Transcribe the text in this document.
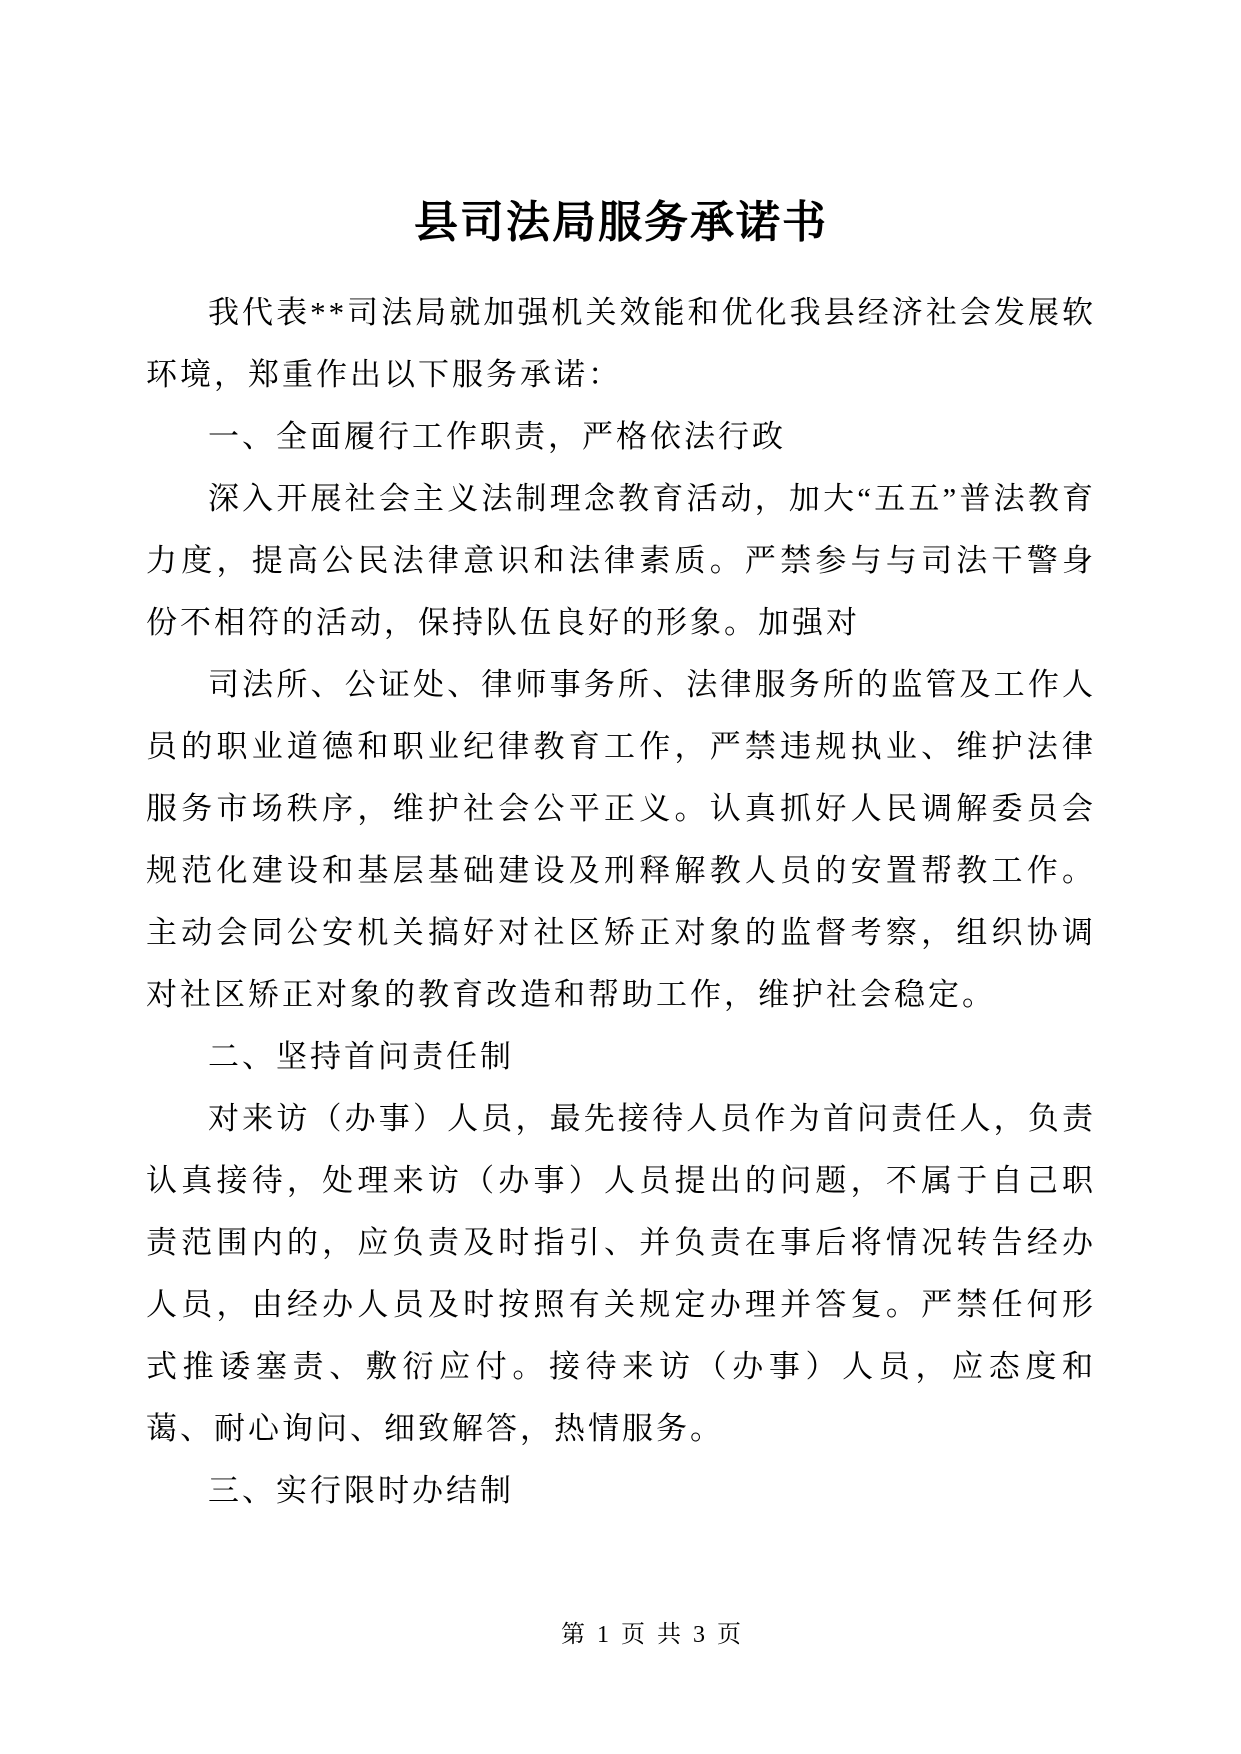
县司法局服务承诺书

我代表**司法局就加强机关效能和优化我县经济社会发展软环境，郑重作出以下服务承诺：

一、全面履行工作职责，严格依法行政

深入开展社会主义法制理念教育活动，加大“五五”普法教育力度，提高公民法律意识和法律素质。严禁参与与司法干警身份不相符的活动，保持队伍良好的形象。加强对

司法所、公证处、律师事务所、法律服务所的监管及工作人员的职业道德和职业纪律教育工作，严禁违规执业、维护法律服务市场秩序，维护社会公平正义。认真抓好人民调解委员会规范化建设和基层基础建设及刑释解教人员的安置帮教工作。主动会同公安机关搞好对社区矫正对象的监督考察，组织协调对社区矫正对象的教育改造和帮助工作，维护社会稳定。

二、坚持首问责任制

对来访（办事）人员，最先接待人员作为首问责任人，负责认真接待，处理来访（办事）人员提出的问题，不属于自己职责范围内的，应负责及时指引、并负责在事后将情况转告经办人员，由经办人员及时按照有关规定办理并答复。严禁任何形式推诿塞责、敷衍应付。接待来访（办事）人员，应态度和蔼、耐心询问、细致解答，热情服务。

三、实行限时办结制

第 1 页 共 3 页
